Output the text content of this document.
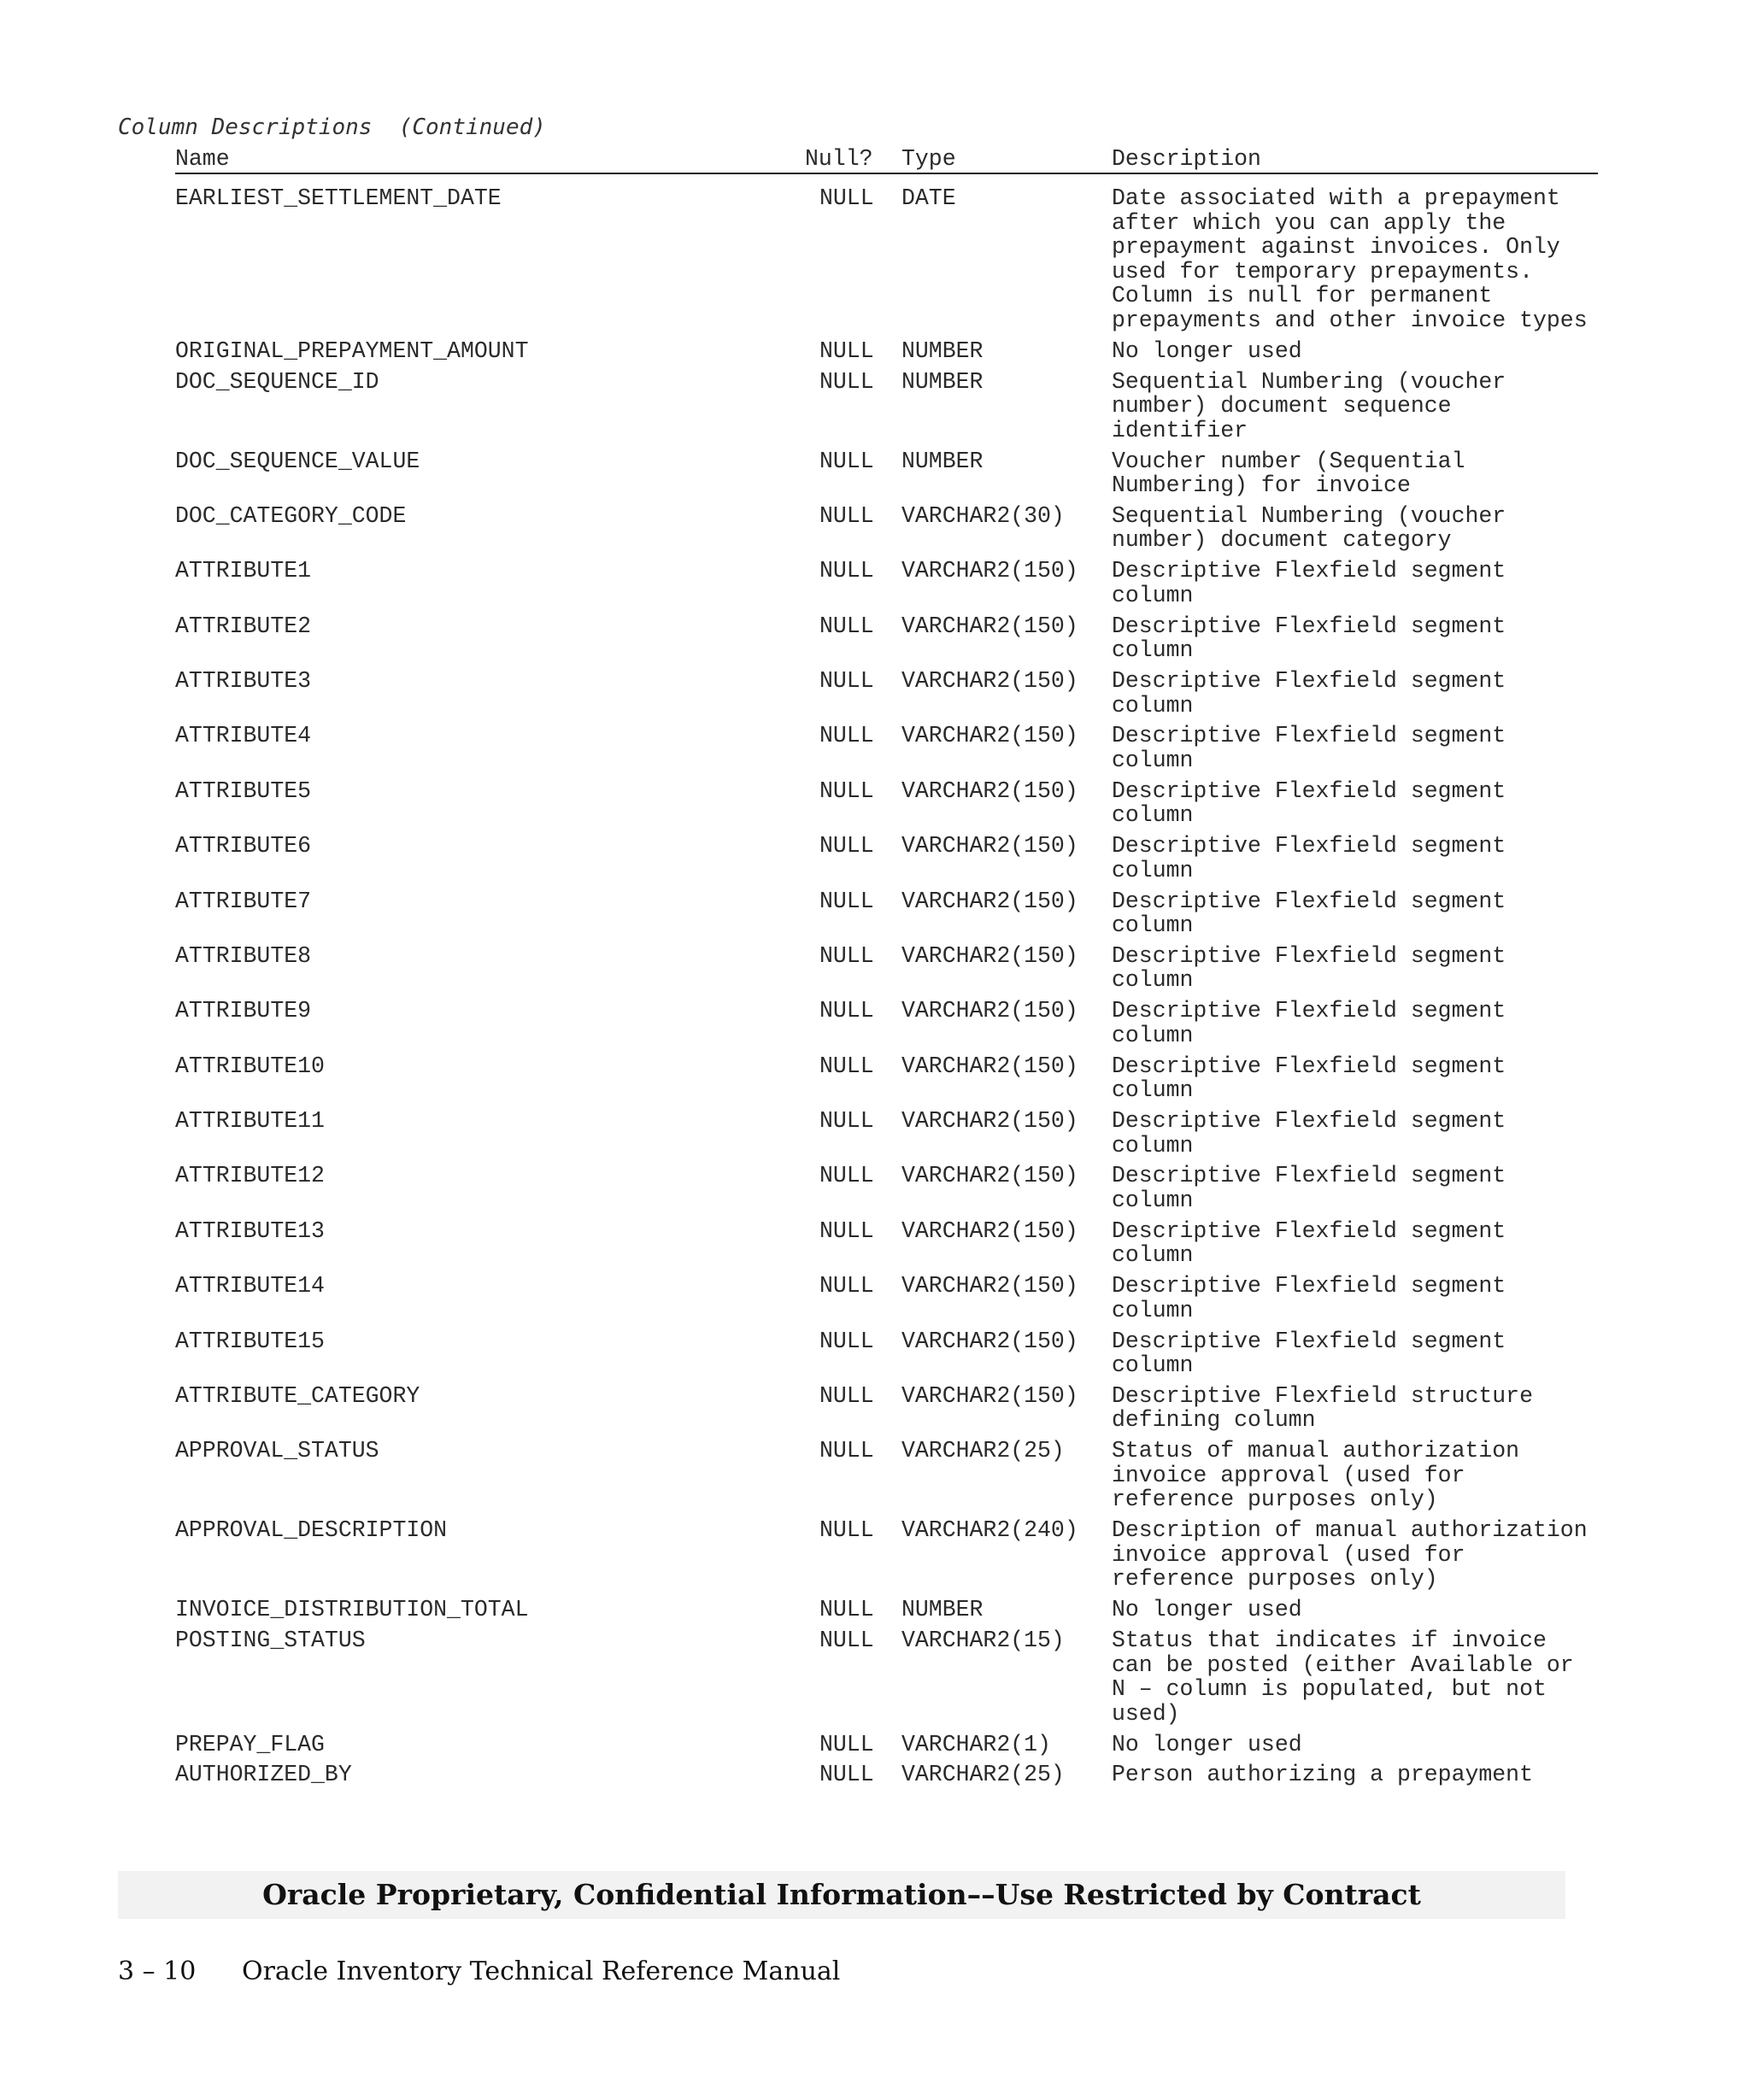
Column Descriptions  (Continued)
Name	Null? Type	Description
EARLIEST_SETTLEMENT_DATE	NULL DATE	Date associated with a prepayment after which you can apply the prepayment against invoices. Only used for temporary prepayments. Column is null for permanent prepayments and other invoice types
ORIGINAL_PREPAYMENT_AMOUNT	NULL NUMBER	No longer used
DOC_SEQUENCE_ID	NULL NUMBER	Sequential Numbering (voucher number) document sequence identifier
DOC_SEQUENCE_VALUE	NULL NUMBER	Voucher number (Sequential Numbering) for invoice
DOC_CATEGORY_CODE	NULL VARCHAR2(30) Sequential Numbering (voucher number) document category
ATTRIBUTE1	NULL VARCHAR2(150) Descriptive Flexfield segment column
ATTRIBUTE2	NULL VARCHAR2(150) Descriptive Flexfield segment column
ATTRIBUTE3	NULL VARCHAR2(150) Descriptive Flexfield segment column
ATTRIBUTE4	NULL VARCHAR2(150) Descriptive Flexfield segment column
ATTRIBUTE5	NULL VARCHAR2(150) Descriptive Flexfield segment column
ATTRIBUTE6	NULL VARCHAR2(150) Descriptive Flexfield segment column
ATTRIBUTE7	NULL VARCHAR2(150) Descriptive Flexfield segment column
ATTRIBUTE8	NULL VARCHAR2(150) Descriptive Flexfield segment column
ATTRIBUTE9	NULL VARCHAR2(150) Descriptive Flexfield segment column
ATTRIBUTE10	NULL VARCHAR2(150) Descriptive Flexfield segment column
ATTRIBUTE11	NULL VARCHAR2(150) Descriptive Flexfield segment column
ATTRIBUTE12	NULL VARCHAR2(150) Descriptive Flexfield segment column
ATTRIBUTE13	NULL VARCHAR2(150) Descriptive Flexfield segment column
ATTRIBUTE14	NULL VARCHAR2(150) Descriptive Flexfield segment column
ATTRIBUTE15	NULL VARCHAR2(150) Descriptive Flexfield segment column
ATTRIBUTE_CATEGORY	NULL VARCHAR2(150) Descriptive Flexfield structure defining column
APPROVAL_STATUS	NULL VARCHAR2(25) Status of manual authorization invoice approval (used for reference purposes only)
APPROVAL_DESCRIPTION	NULL VARCHAR2(240) Description of manual authorization invoice approval (used for reference purposes only)
INVOICE_DISTRIBUTION_TOTAL	NULL NUMBER	No longer used
POSTING_STATUS	NULL VARCHAR2(15) Status that indicates if invoice can be posted (either Available or N – column is populated, but not used)
PREPAY_FLAG	NULL VARCHAR2(1)	No longer used
AUTHORIZED_BY	NULL VARCHAR2(25) Person authorizing a prepayment
Oracle Proprietary, Confidential Information––Use Restricted by Contract
3 – 10 Oracle Inventory Technical Reference Manual
